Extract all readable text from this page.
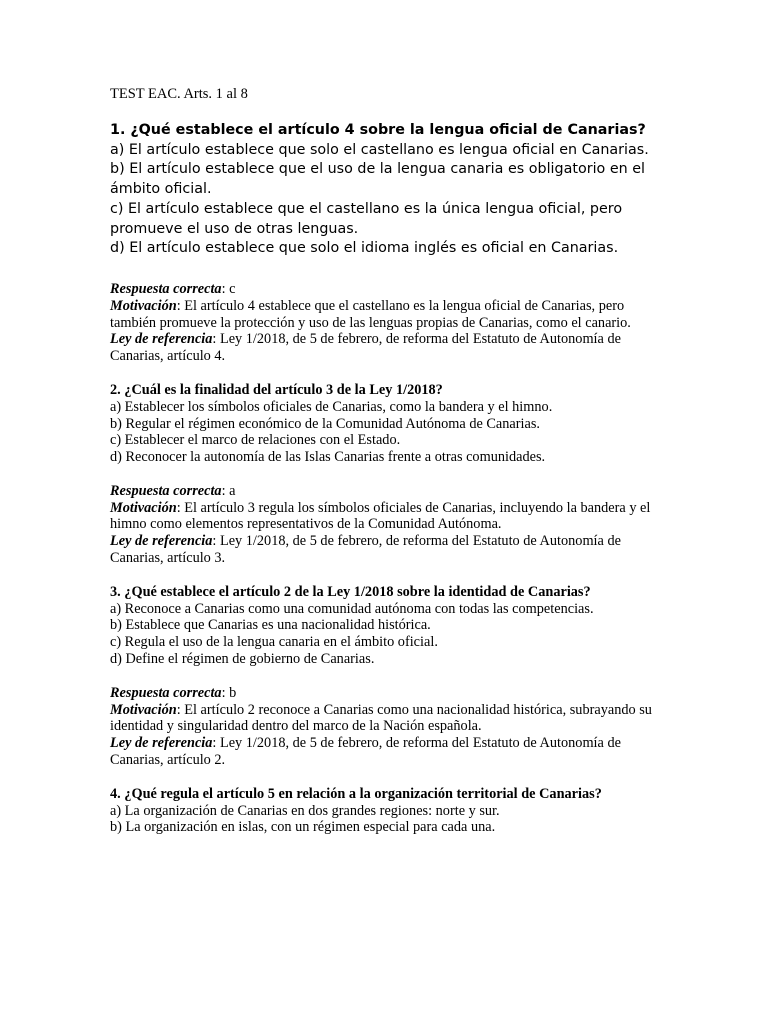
TEST EAC. Arts. 1 al 8
1. ¿Qué establece el artículo 4 sobre la lengua oficial de Canarias?
a) El artículo establece que solo el castellano es lengua oficial en Canarias.
b) El artículo establece que el uso de la lengua canaria es obligatorio en el ámbito oficial.
c) El artículo establece que el castellano es la única lengua oficial, pero promueve el uso de otras lenguas.
d) El artículo establece que solo el idioma inglés es oficial en Canarias.
Respuesta correcta: c
Motivación: El artículo 4 establece que el castellano es la lengua oficial de Canarias, pero también promueve la protección y uso de las lenguas propias de Canarias, como el canario.
Ley de referencia: Ley 1/2018, de 5 de febrero, de reforma del Estatuto de Autonomía de Canarias, artículo 4.
2. ¿Cuál es la finalidad del artículo 3 de la Ley 1/2018?
a) Establecer los símbolos oficiales de Canarias, como la bandera y el himno.
b) Regular el régimen económico de la Comunidad Autónoma de Canarias.
c) Establecer el marco de relaciones con el Estado.
d) Reconocer la autonomía de las Islas Canarias frente a otras comunidades.
Respuesta correcta: a
Motivación: El artículo 3 regula los símbolos oficiales de Canarias, incluyendo la bandera y el himno como elementos representativos de la Comunidad Autónoma.
Ley de referencia: Ley 1/2018, de 5 de febrero, de reforma del Estatuto de Autonomía de Canarias, artículo 3.
3. ¿Qué establece el artículo 2 de la Ley 1/2018 sobre la identidad de Canarias?
a) Reconoce a Canarias como una comunidad autónoma con todas las competencias.
b) Establece que Canarias es una nacionalidad histórica.
c) Regula el uso de la lengua canaria en el ámbito oficial.
d) Define el régimen de gobierno de Canarias.
Respuesta correcta: b
Motivación: El artículo 2 reconoce a Canarias como una nacionalidad histórica, subrayando su identidad y singularidad dentro del marco de la Nación española.
Ley de referencia: Ley 1/2018, de 5 de febrero, de reforma del Estatuto de Autonomía de Canarias, artículo 2.
4. ¿Qué regula el artículo 5 en relación a la organización territorial de Canarias?
a) La organización de Canarias en dos grandes regiones: norte y sur.
b) La organización en islas, con un régimen especial para cada una.
